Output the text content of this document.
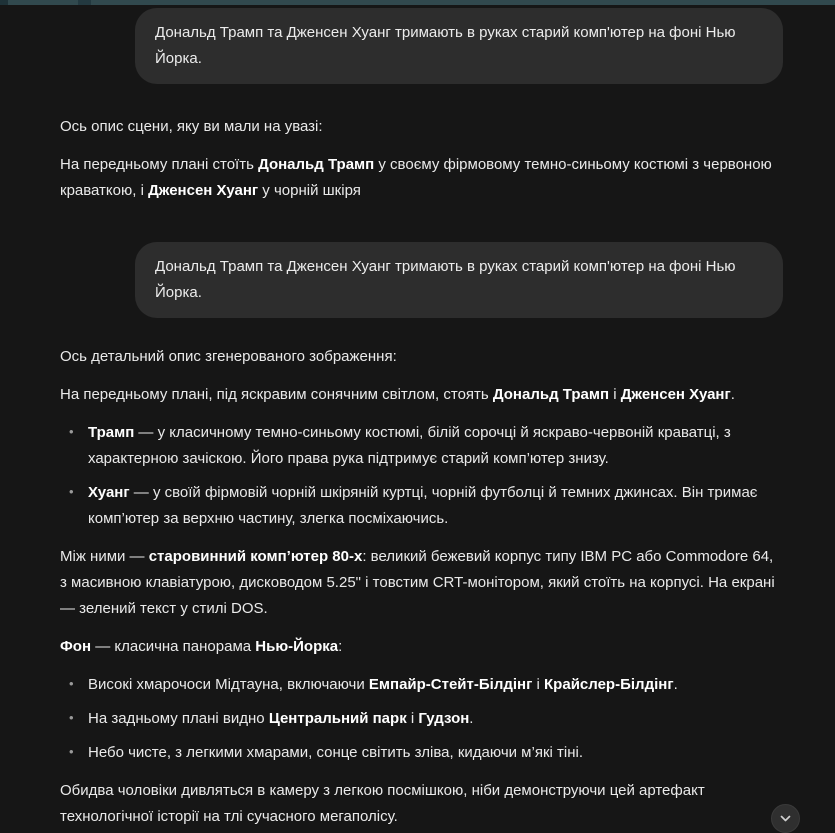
Дональд Трамп та Дженсен Хуанг тримають в руках старий комп'ютер на фоні Нью Йорка.

Ось опис сцени, яку ви мали на увазі:

На передньому плані стоїть Дональд Трамп у своєму фірмовому темно-синьому костюмі з червоною краваткою, і Дженсен Хуанг у чорній шкіря

Дональд Трамп та Дженсен Хуанг тримають в руках старий комп'ютер на фоні Нью Йорка.

Ось детальний опис згенерованого зображення:

На передньому плані, під яскравим сонячним світлом, стоять Дональд Трамп і Дженсен Хуанг.

• Трамп — у класичному темно-синьому костюмі, білій сорочці й яскраво-червоній краватці, з характерною зачіскою. Його права рука підтримує старий комп’ютер знизу.
• Хуанг — у своїй фірмовій чорній шкіряній куртці, чорній футболці й темних джинсах. Він тримає комп’ютер за верхню частину, злегка посміхаючись.

Між ними — старовинний комп’ютер 80-х: великий бежевий корпус типу IBM PC або Commodore 64, з масивною клавіатурою, дисководом 5.25" і товстим CRT-монітором, який стоїть на корпусі. На екрані — зелений текст у стилі DOS.

Фон — класична панорама Нью-Йорка:

• Високі хмарочоси Мідтауна, включаючи Емпайр-Стейт-Білдінг і Крайслер-Білдінг.
• На задньому плані видно Центральний парк і Гудзон.
• Небо чисте, з легкими хмарами, сонце світить зліва, кидаючи м’які тіні.

Обидва чоловіки дивляться в камеру з легкою посмішкою, ніби демонструючи цей артефакт технологічної історії на тлі сучасного мегаполісу.
